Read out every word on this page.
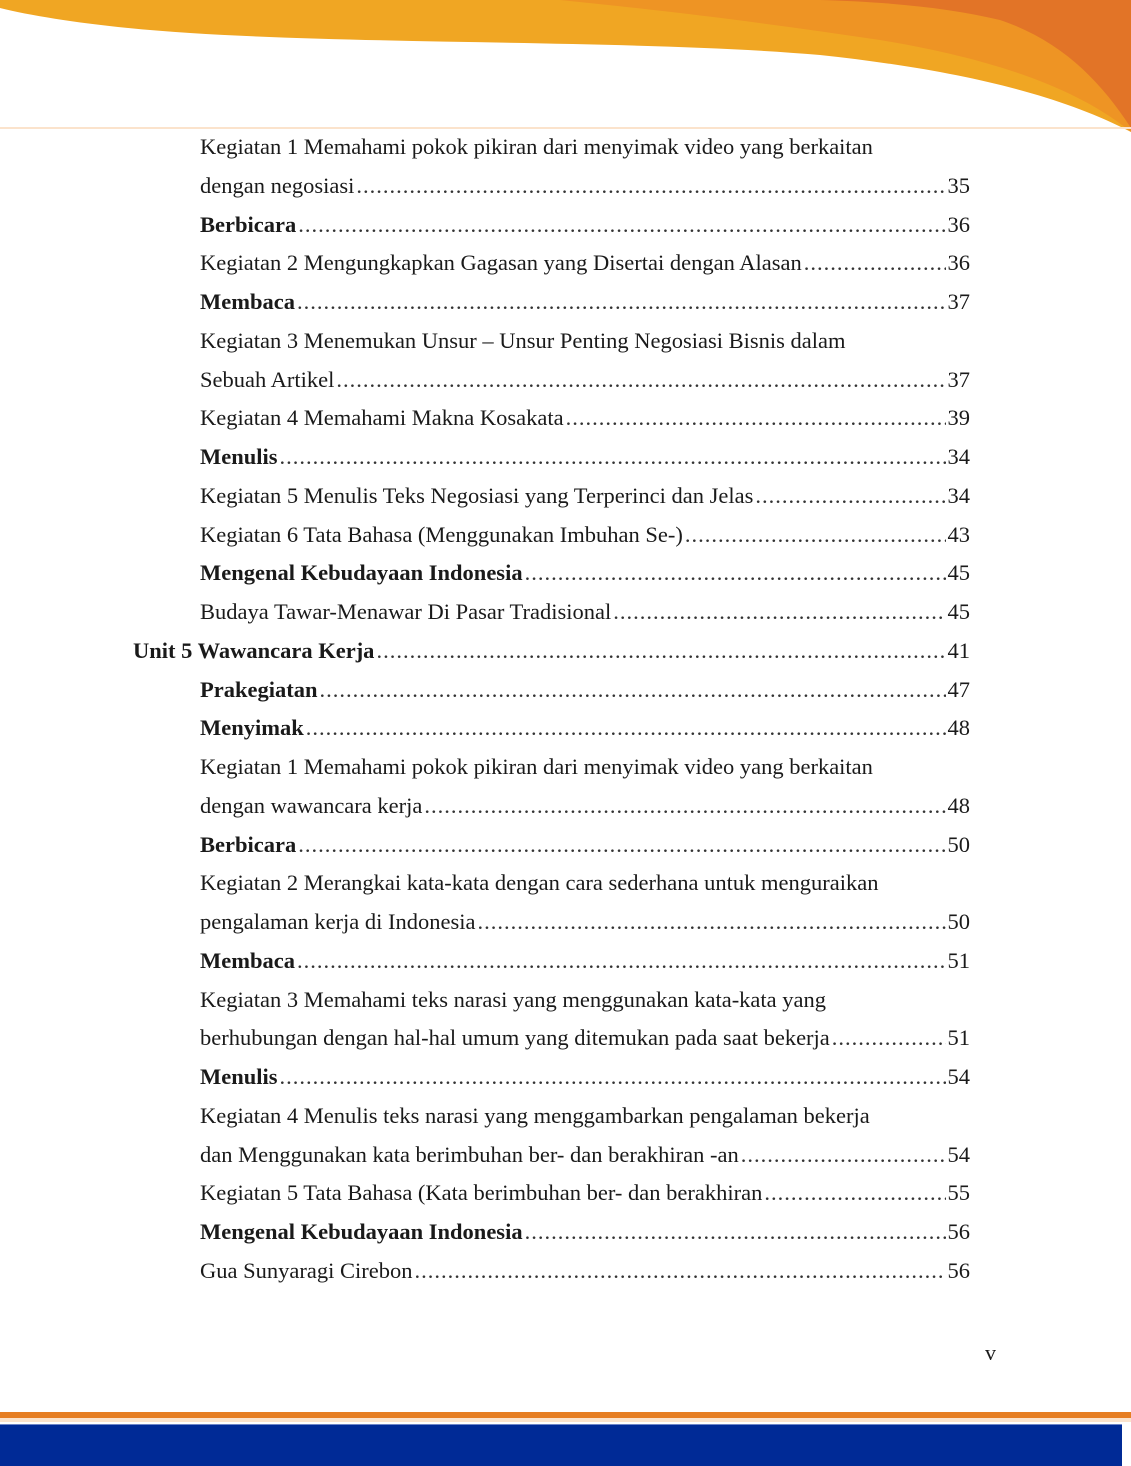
Kegiatan 1 Memahami pokok pikiran dari menyimak video yang berkaitan
dengan negosiasi .....	35
Berbicara .....	36
Kegiatan 2 Mengungkapkan Gagasan yang Disertai dengan Alasan .....	36
Membaca .....	37
Kegiatan 3 Menemukan Unsur – Unsur Penting Negosiasi Bisnis dalam
Sebuah Artikel .....	37
Kegiatan 4 Memahami Makna Kosakata .....	39
Menulis .....	34
Kegiatan 5 Menulis Teks Negosiasi yang Terperinci dan Jelas .....	34
Kegiatan 6 Tata Bahasa (Menggunakan Imbuhan Se-) .....	43
Mengenal Kebudayaan Indonesia .....	45
Budaya Tawar-Menawar Di Pasar Tradisional .....	45
Unit 5 Wawancara Kerja .....	41
Prakegiatan .....	47
Menyimak .....	48
Kegiatan 1 Memahami pokok pikiran dari menyimak video yang berkaitan
dengan wawancara kerja .....	48
Berbicara .....	50
Kegiatan 2 Merangkai kata-kata dengan cara sederhana untuk menguraikan
pengalaman kerja di Indonesia .....	50
Membaca .....	51
Kegiatan 3 Memahami teks narasi yang menggunakan kata-kata yang
berhubungan dengan hal-hal umum yang ditemukan pada saat bekerja .....	51
Menulis .....	54
Kegiatan 4 Menulis teks narasi yang menggambarkan pengalaman bekerja
dan Menggunakan kata berimbuhan ber- dan berakhiran -an .....	54
Kegiatan 5 Tata Bahasa (Kata berimbuhan ber- dan berakhiran .....	55
Mengenal Kebudayaan Indonesia .....	56
Gua Sunyaragi Cirebon .....	56
v
